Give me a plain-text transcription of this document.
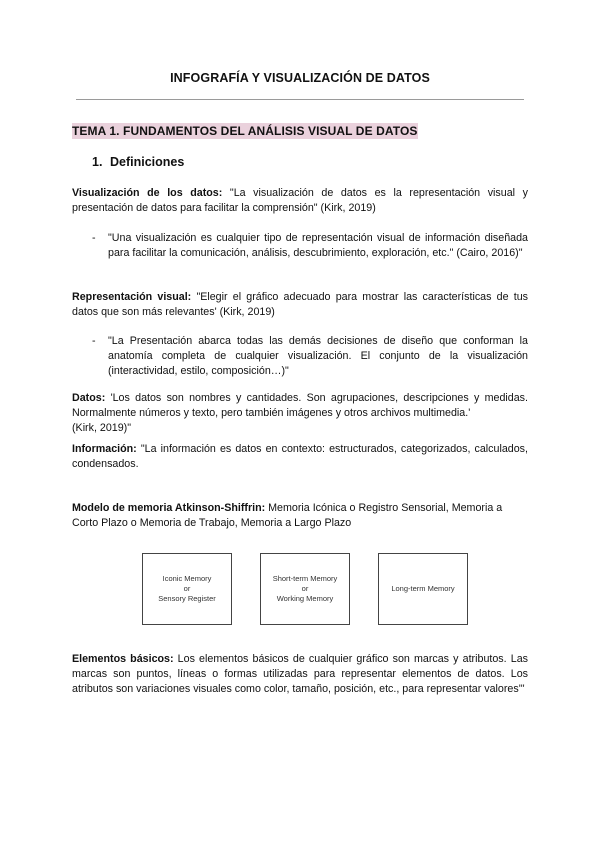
INFOGRAFÍA Y VISUALIZACIÓN DE DATOS
TEMA 1. FUNDAMENTOS DEL ANÁLISIS VISUAL DE DATOS
1. Definiciones

Visualización de los datos: "La visualización de datos es la representación visual y presentación de datos para facilitar la comprensión" (Kirk, 2019)

- "Una visualización es cualquier tipo de representación visual de información diseñada para facilitar la comunicación, análisis, descubrimiento, exploración, etc." (Cairo, 2016)"

Representación visual: "Elegir el gráfico adecuado para mostrar las características de tus datos que son más relevantes' (Kirk, 2019)

- "La Presentación abarca todas las demás decisiones de diseño que conforman la anatomía completa de cualquier visualización. El conjunto de la visualización (interactividad, estilo, composición…)"

Datos: 'Los datos son nombres y cantidades. Son agrupaciones, descripciones y medidas. Normalmente números y texto, pero también imágenes y otros archivos multimedia.'
(Kirk, 2019)"

Información: "La información es datos en contexto: estructurados, categorizados, calculados, condensados.

Modelo de memoria Atkinson-Shiffrin: Memoria Icónica o Registro Sensorial, Memoria a Corto Plazo o Memoria de Trabajo, Memoria a Largo Plazo

Iconic Memory
or
Sensory Register
Short-term Memory
or
Working Memory
Long-term Memory

Elementos básicos: Los elementos básicos de cualquier gráfico son marcas y atributos. Las marcas son puntos, líneas o formas utilizadas para representar elementos de datos. Los atributos son variaciones visuales como color, tamaño, posición, etc., para representar valores'"
